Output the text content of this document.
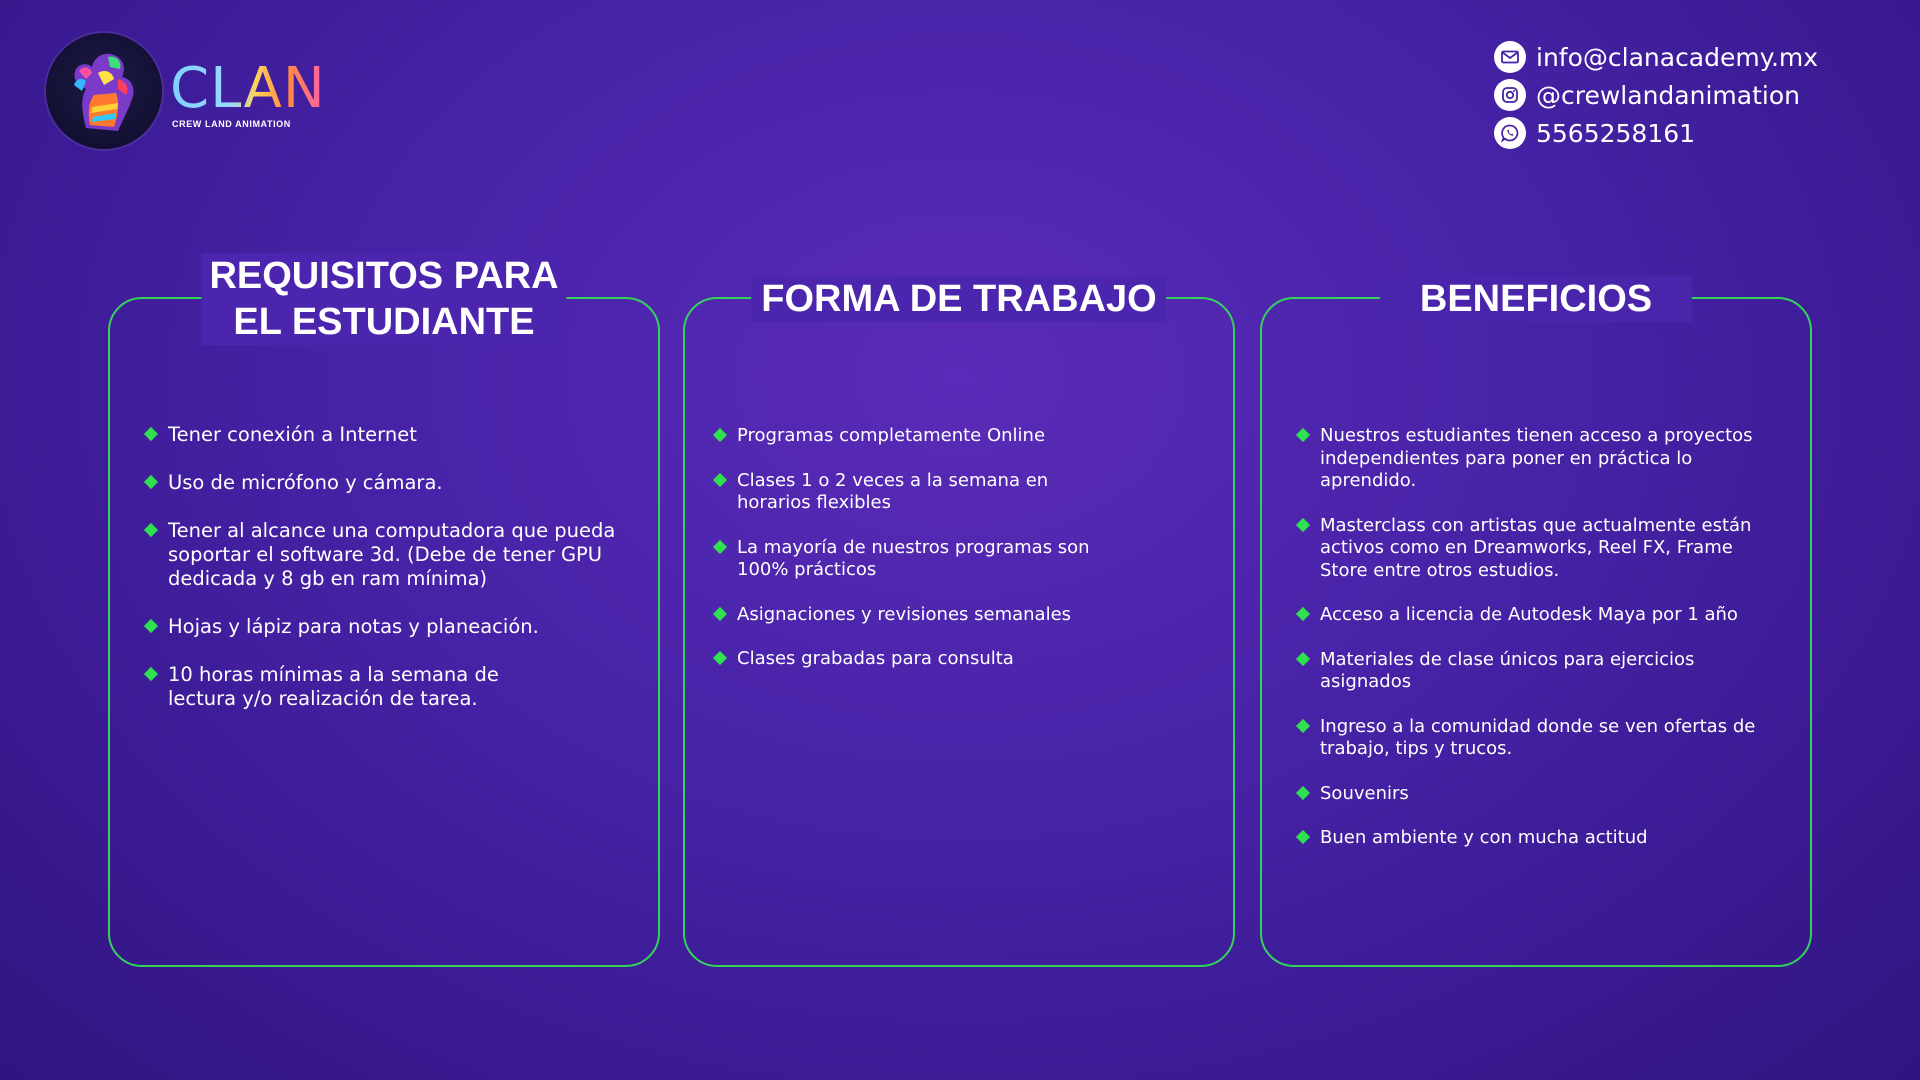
CLAN
CREW LAND ANIMATION
info@clanacademy.mx
@crewlandanimation
5565258161
REQUISITOS PARA
EL ESTUDIANTE
Tener conexión a Internet
Uso de micrófono y cámara.
Tener al alcance una computadora que pueda soportar el software 3d. (Debe de tener GPU dedicada y 8 gb en ram mínima)
Hojas y lápiz para notas y planeación.
10 horas mínimas a la semana de lectura y/o realización de tarea.
FORMA DE TRABAJO
Programas completamente Online
Clases 1 o 2 veces a la semana en horarios flexibles
La mayoría de nuestros programas son 100% prácticos
Asignaciones y revisiones semanales
Clases grabadas para consulta
BENEFICIOS
Nuestros estudiantes tienen acceso a proyectos independientes para poner en práctica lo aprendido.
Masterclass con artistas que actualmente están activos como en Dreamworks, Reel FX, Frame Store entre otros estudios.
Acceso a licencia de Autodesk Maya por 1 año
Materiales de clase únicos para ejercicios asignados
Ingreso a la comunidad donde se ven ofertas de trabajo, tips y trucos.
Souvenirs
Buen ambiente y con mucha actitud
